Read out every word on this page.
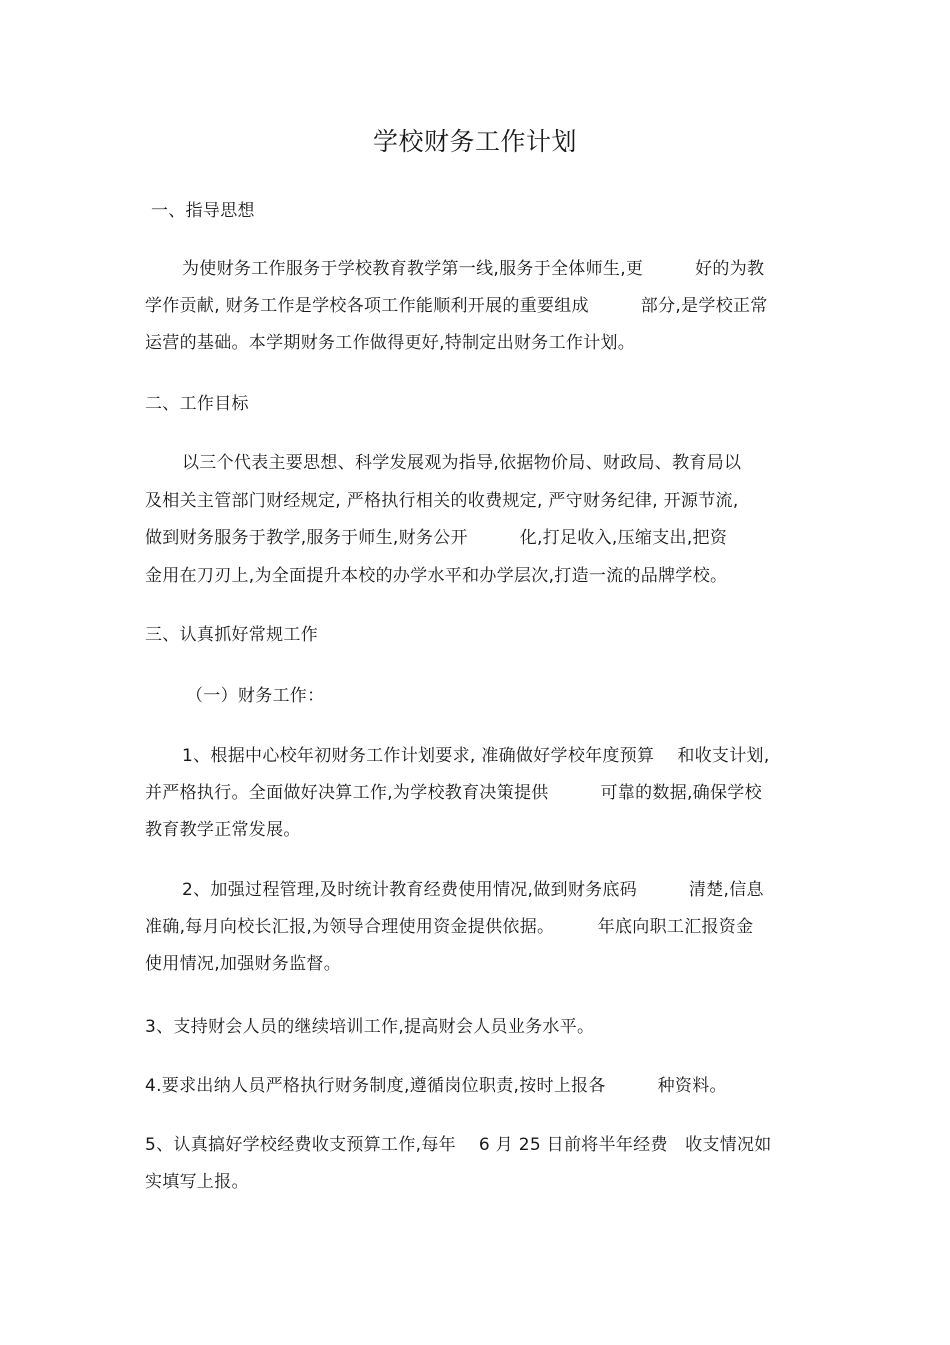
学校财务工作计划

一、指导思想

为使财务工作服务于学校教育教学第一线,服务于全体师生,更　　　好的为教

学作贡献, 财务工作是学校各项工作能顺利开展的重要组成　　　部分,是学校正常

运营的基础。本学期财务工作做得更好,特制定出财务工作计划。

二、工作目标

以三个代表主要思想、科学发展观为指导,依据物价局、财政局、教育局以

及相关主管部门财经规定, 严格执行相关的收费规定, 严守财务纪律, 开源节流,

做到财务服务于教学,服务于师生,财务公开　　　化,打足收入,压缩支出,把资

金用在刀刃上,为全面提升本校的办学水平和办学层次,打造一流的品牌学校。

三、认真抓好常规工作

（一）财务工作：

1、根据中心校年初财务工作计划要求, 准确做好学校年度预算　 和收支计划,

并严格执行。全面做好决算工作,为学校教育决策提供　　　可靠的数据,确保学校

教育教学正常发展。

2、加强过程管理,及时统计教育经费使用情况,做到财务底码　　　清楚,信息

准确,每月向校长汇报,为领导合理使用资金提供依据。　　　年底向职工汇报资金

使用情况,加强财务监督。

3、支持财会人员的继续培训工作,提高财会人员业务水平。

4.要求出纳人员严格执行财务制度,遵循岗位职责,按时上报各　　　种资料。

5、认真搞好学校经费收支预算工作,每年　 6 月 25 日前将半年经费　收支情况如

实填写上报。
